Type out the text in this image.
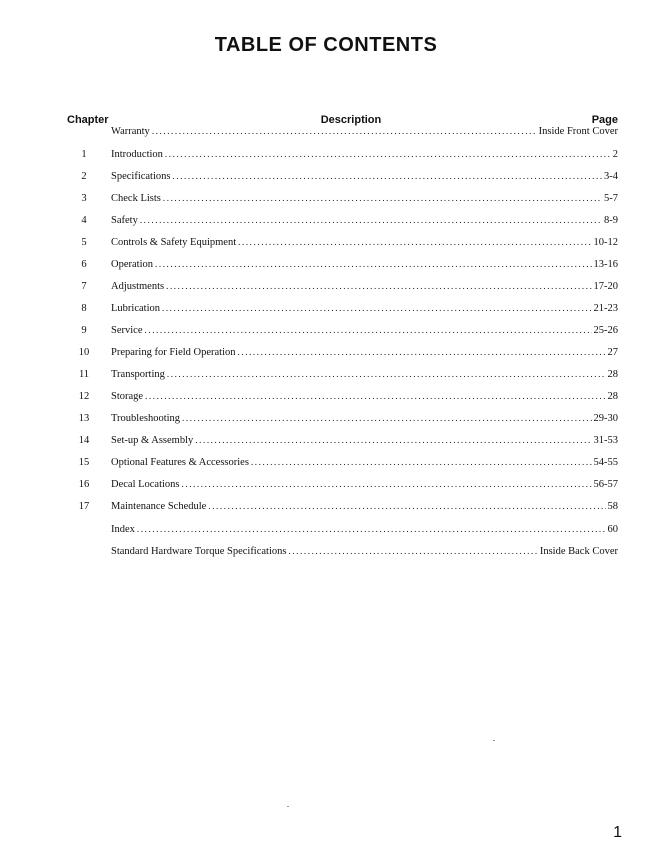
TABLE OF CONTENTS
Chapter	Description	Page
Warranty .....	Inside Front Cover
1	Introduction .....	2
2	Specifications .....	3-4
3	Check Lists .....	5-7
4	Safety .....	8-9
5	Controls & Safety Equipment .....	10-12
6	Operation .....	13-16
7	Adjustments .....	17-20
8	Lubrication .....	21-23
9	Service .....	25-26
10	Preparing for Field Operation .....	27
11	Transporting .....	28
12	Storage .....	28
13	Troubleshooting .....	29-30
14	Set-up & Assembly .....	31-53
15	Optional Features & Accessories .....	54-55
16	Decal Locations .....	56-57
17	Maintenance Schedule .....	58
Index .....	60
Standard Hardware Torque Specifications .....	Inside Back Cover
1
